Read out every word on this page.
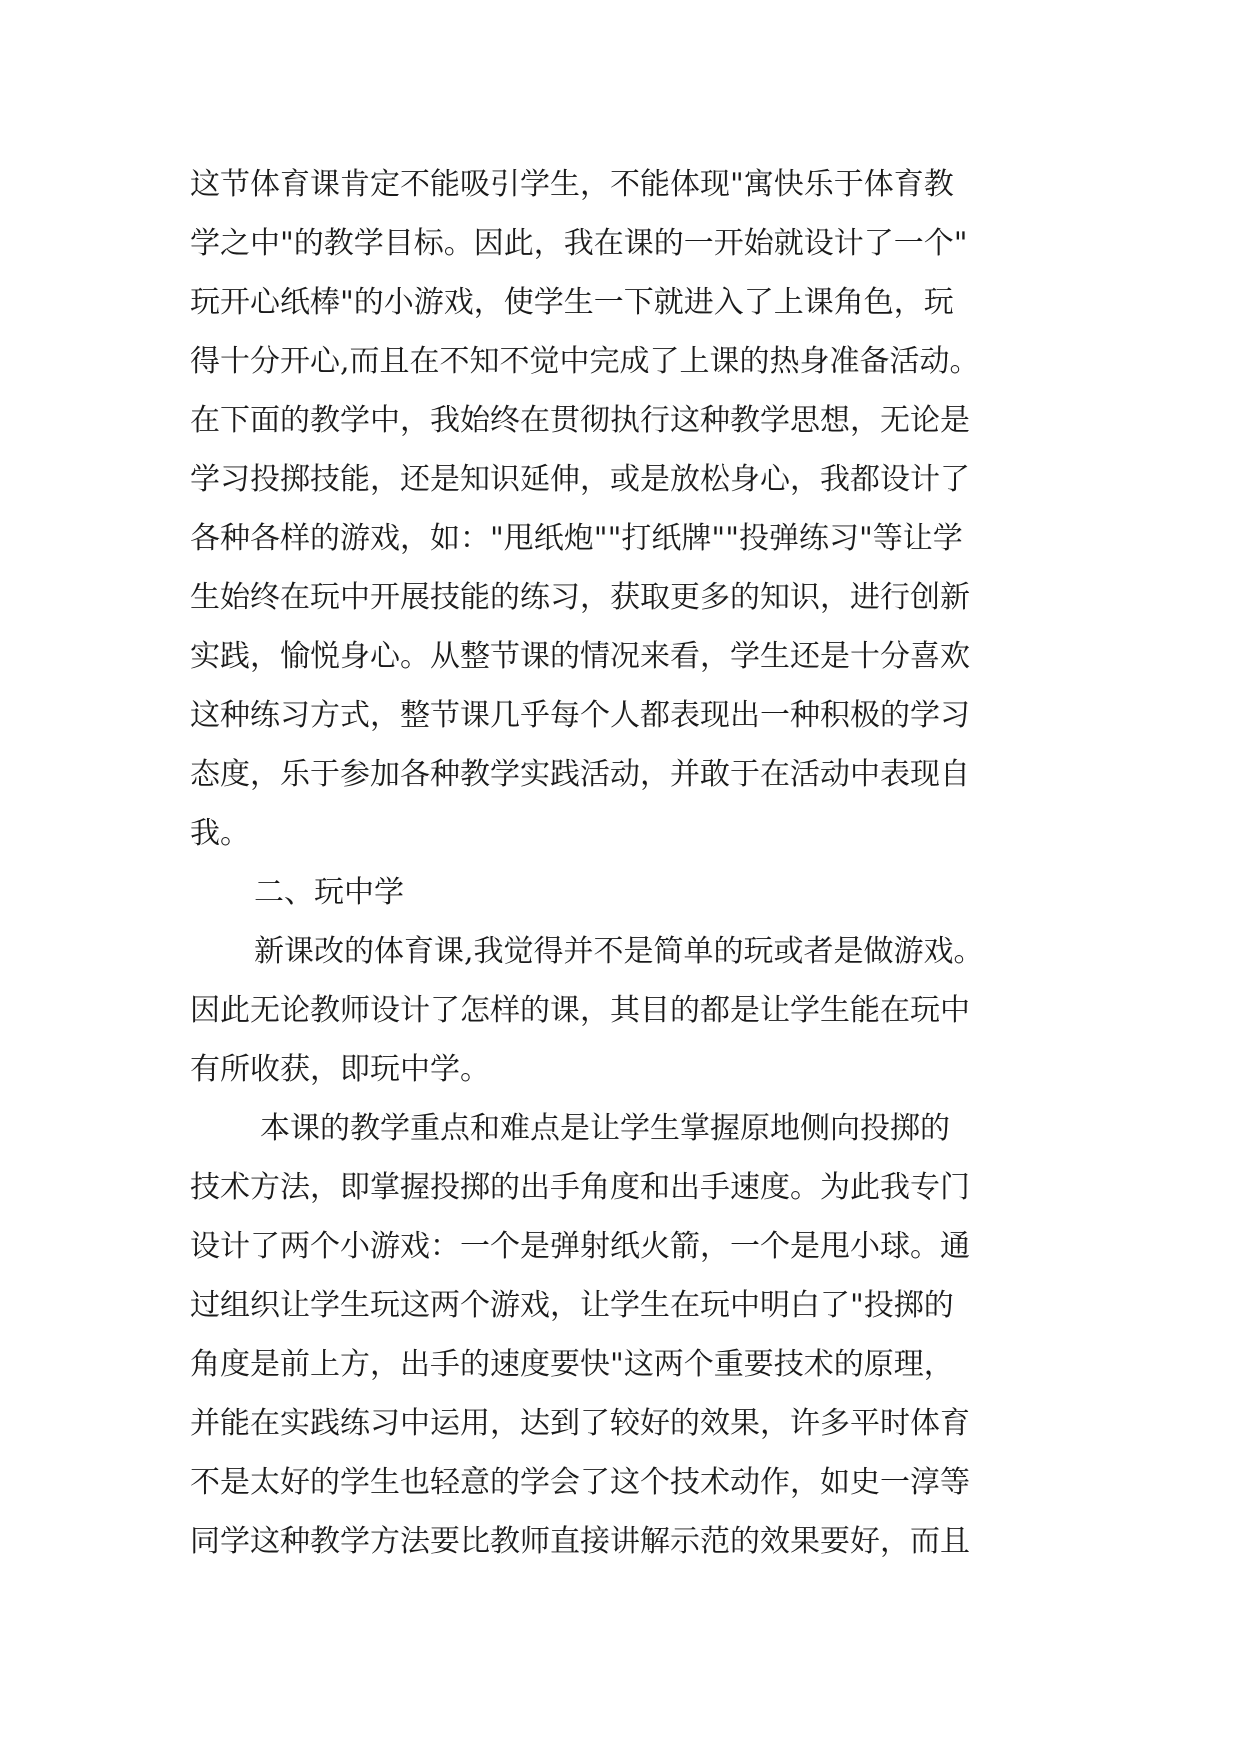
这节体育课肯定不能吸引学生，不能体现"寓快乐于体育教
学之中"的教学目标。因此，我在课的一开始就设计了一个"
玩开心纸棒"的小游戏，使学生一下就进入了上课角色，玩
得十分开心,而且在不知不觉中完成了上课的热身准备活动。
在下面的教学中，我始终在贯彻执行这种教学思想，无论是
学习投掷技能，还是知识延伸，或是放松身心，我都设计了
各种各样的游戏，如："甩纸炮""打纸牌""投弹练习"等让学
生始终在玩中开展技能的练习，获取更多的知识，进行创新
实践，愉悦身心。从整节课的情况来看，学生还是十分喜欢
这种练习方式，整节课几乎每个人都表现出一种积极的学习
态度，乐于参加各种教学实践活动，并敢于在活动中表现自
我。
二、玩中学
新课改的体育课,我觉得并不是简单的玩或者是做游戏。
因此无论教师设计了怎样的课，其目的都是让学生能在玩中
有所收获，即玩中学。
本课的教学重点和难点是让学生掌握原地侧向投掷的
技术方法，即掌握投掷的出手角度和出手速度。为此我专门
设计了两个小游戏：一个是弹射纸火箭，一个是甩小球。通
过组织让学生玩这两个游戏，让学生在玩中明白了"投掷的
角度是前上方，出手的速度要快"这两个重要技术的原理，
并能在实践练习中运用，达到了较好的效果，许多平时体育
不是太好的学生也轻意的学会了这个技术动作，如史一淳等
同学这种教学方法要比教师直接讲解示范的效果要好，而且
